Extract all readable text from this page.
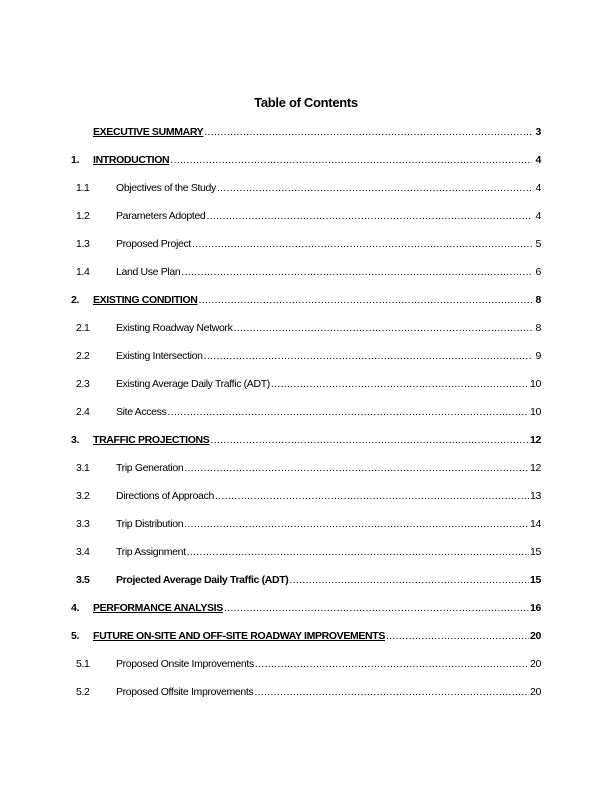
Table of Contents
EXECUTIVE SUMMARY .....	3
1.	INTRODUCTION .....	4
1.1	Objectives of the Study .....	4
1.2	Parameters Adopted .....	4
1.3	Proposed Project .....	5
1.4	Land Use Plan .....	6
2.	EXISTING CONDITION .....	8
2.1	Existing Roadway Network .....	8
2.2	Existing Intersection .....	9
2.3	Existing Average Daily Traffic (ADT) .....	10
2.4	Site Access .....	10
3.	TRAFFIC PROJECTIONS .....	12
3.1	Trip Generation .....	12
3.2	Directions of Approach .....	13
3.3	Trip Distribution .....	14
3.4	Trip Assignment .....	15
3.5	Projected Average Daily Traffic (ADT) .....	15
4.	PERFORMANCE ANALYSIS .....	16
5.	FUTURE ON-SITE AND OFF-SITE ROADWAY IMPROVEMENTS .....	20
5.1	Proposed Onsite Improvements .....	20
5.2	Proposed Offsite Improvements .....	20
